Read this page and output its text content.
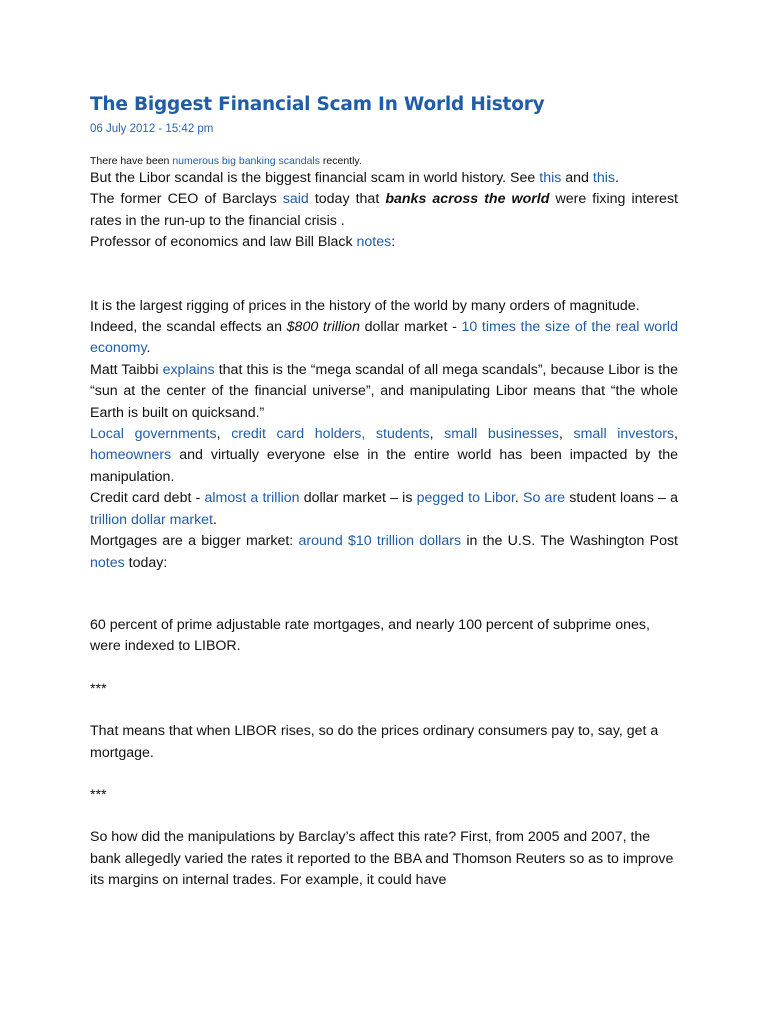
The Biggest Financial Scam In World History
06 July 2012 - 15:42 pm

There have been numerous big banking scandals recently.

But the Libor scandal is the biggest financial scam in world history. See this and this.

The former CEO of Barclays said today that banks across the world were fixing interest rates in the run-up to the financial crisis .

Professor of economics and law Bill Black notes:

It is the largest rigging of prices in the history of the world by many orders of magnitude.

Indeed, the scandal effects an $800 trillion dollar market - 10 times the size of the real world economy.

Matt Taibbi explains that this is the “mega scandal of all mega scandals”, because Libor is the “sun at the center of the financial universe”, and manipulating Libor means that “the whole Earth is built on quicksand.”

Local governments, credit card holders, students, small businesses, small investors, homeowners and virtually everyone else in the entire world has been impacted by the manipulation.

Credit card debt - almost a trillion dollar market – is pegged to Libor. So are student loans – a trillion dollar market.

Mortgages are a bigger market: around $10 trillion dollars in the U.S. The Washington Post notes today:

60 percent of prime adjustable rate mortgages, and nearly 100 percent of subprime ones, were indexed to LIBOR.

***

That means that when LIBOR rises, so do the prices ordinary consumers pay to, say, get a mortgage.

***

So how did the manipulations by Barclay’s affect this rate? First, from 2005 and 2007, the bank allegedly varied the rates it reported to the BBA and Thomson Reuters so as to improve its margins on internal trades. For example, it could have
